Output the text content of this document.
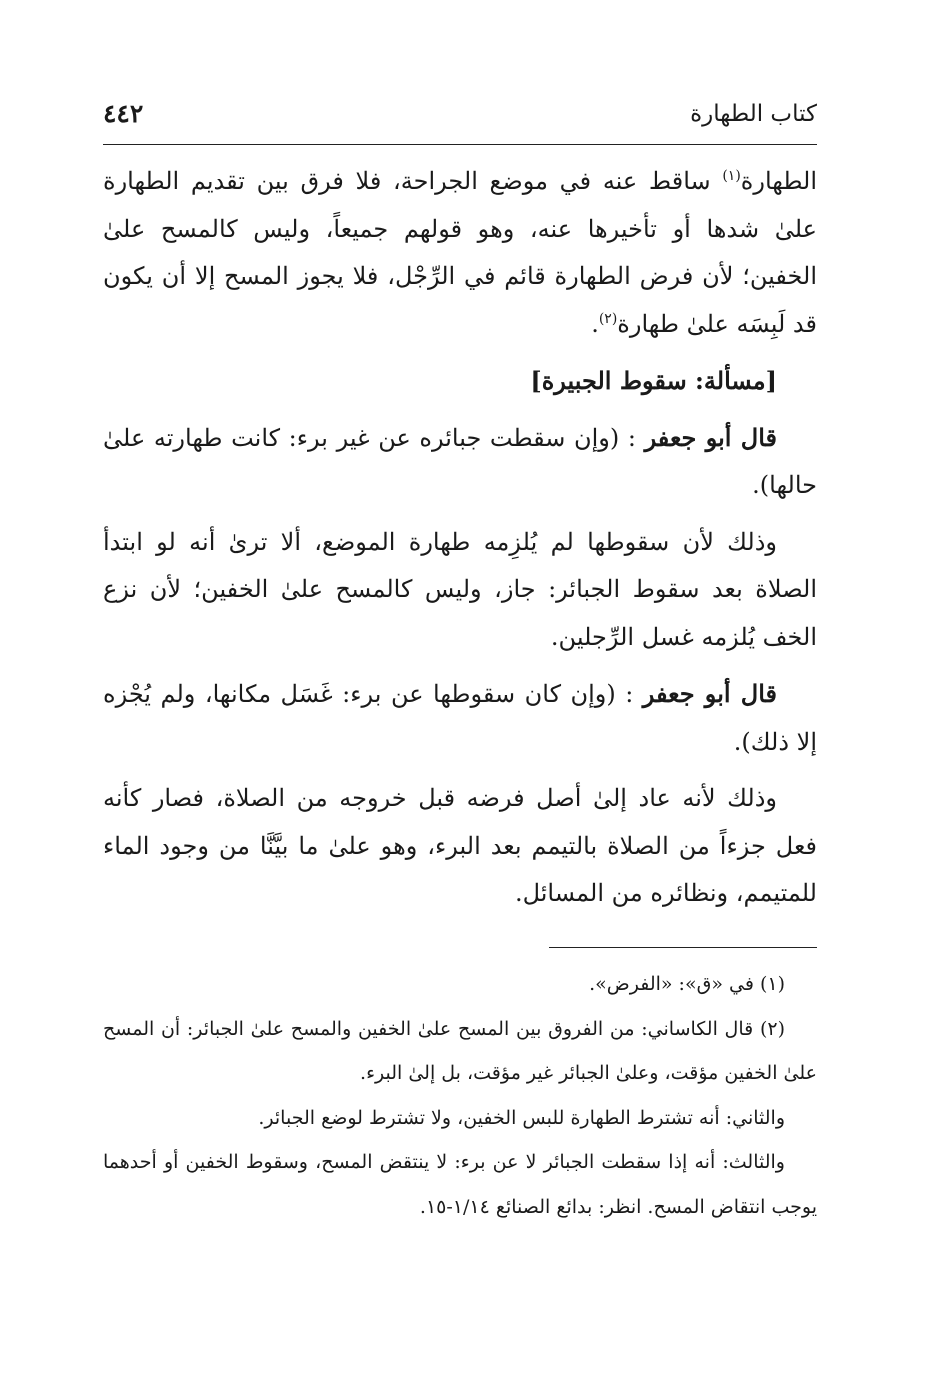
كتاب الطهارة
٤٤٢

الطهارة$^{(١)}$ ساقط عنه في موضع الجراحة، فلا فرق بين تقديم الطهارة علىٰ شدها أو تأخيرها عنه، وهو قولهم جميعاً، وليس كالمسح علىٰ الخفين؛ لأن فرض الطهارة قائم في الرِّجْل، فلا يجوز المسح إلا أن يكون قد لَبِسَه علىٰ طهارة$^{(٢)}$.

[مسألة: سقوط الجبيرة]

قال أبو جعفر : (وإن سقطت جبائره عن غير برء: كانت طهارته علىٰ حالها).

وذلك لأن سقوطها لم يُلزِمه طهارة الموضع، ألا ترىٰ أنه لو ابتدأ الصلاة بعد سقوط الجبائر: جاز، وليس كالمسح علىٰ الخفين؛ لأن نزع الخف يُلزمه غسل الرِّجلين.

قال أبو جعفر : (وإن كان سقوطها عن برء: غَسَل مكانها، ولم يُجْزه إلا ذلك).

وذلك لأنه عاد إلىٰ أصل فرضه قبل خروجه من الصلاة، فصار كأنه فعل جزءاً من الصلاة بالتيمم بعد البرء، وهو علىٰ ما بيَّنَّا من وجود الماء للمتيمم، ونظائره من المسائل.

(١) في «ق»: «الفرض».

(٢) قال الكاساني: من الفروق بين المسح علىٰ الخفين والمسح علىٰ الجبائر: أن المسح علىٰ الخفين مؤقت، وعلىٰ الجبائر غير مؤقت، بل إلىٰ البرء.

والثاني: أنه تشترط الطهارة للبس الخفين، ولا تشترط لوضع الجبائر.

والثالث: أنه إذا سقطت الجبائر لا عن برء: لا ينتقض المسح، وسقوط الخفين أو أحدهما يوجب انتقاض المسح. انظر: بدائع الصنائع ١/١٤-١٥.
